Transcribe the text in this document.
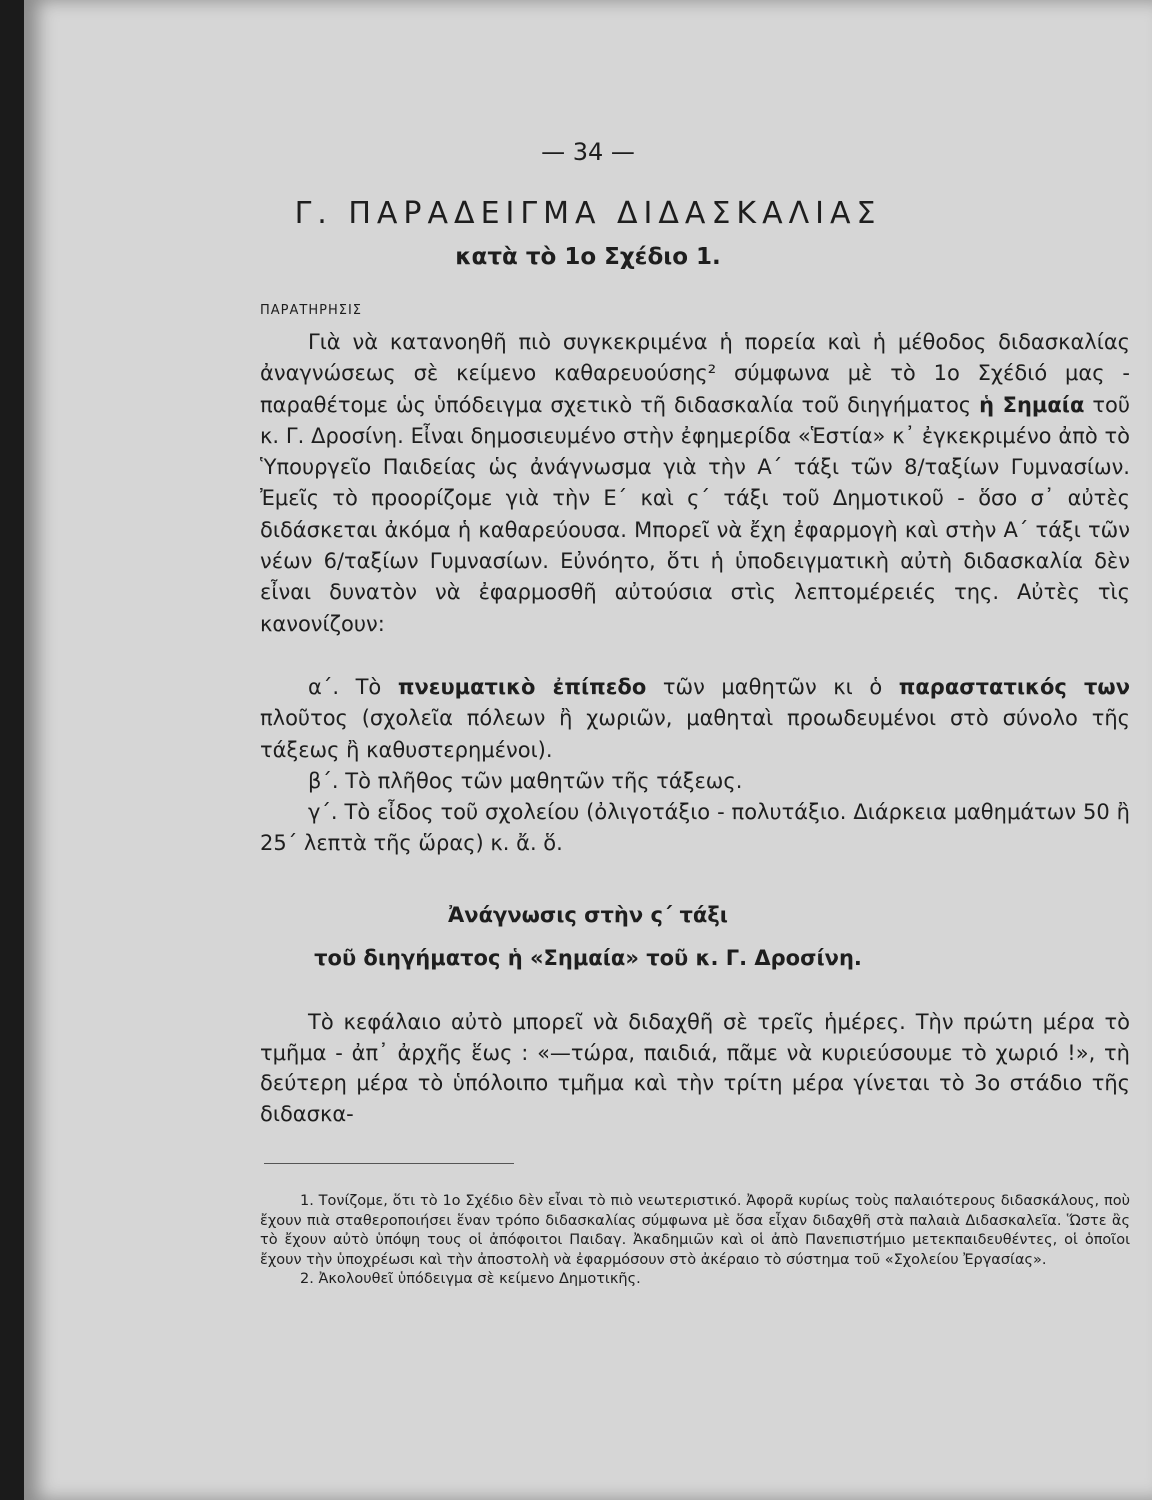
— 34 —
Γ. ΠΑΡΑΔΕΙΓΜΑ ΔΙΔΑΣΚΑΛΙΑΣ
κατὰ τὸ 1ο Σχέδιο 1.
ΠΑΡΑΤΗΡΗΣΙΣ

Γιὰ νὰ κατανοηθῆ πιὸ συγκεκριμένα ἡ πορεία καὶ ἡ μέθοδος διδασκαλίας ἀναγνώσεως σὲ κείμενο καθαρευούσης² σύμφωνα μὲ τὸ 1ο Σχέδιό μας - παραθέτομε ὡς ὑπόδειγμα σχετικὸ τῆ διδασκαλία τοῦ διηγήματος ἡ Σημαία τοῦ κ. Γ. Δροσίνη. Εἶναι δημοσιευμένο στὴν ἐφημερίδα «Ἑστία» κ᾿ ἐγκεκριμένο ἀπὸ τὸ Ὑπουργεῖο Παιδείας ὡς ἀνάγνωσμα γιὰ τὴν Α΄ τάξι τῶν 8/ταξίων Γυμνασίων. Ἐμεῖς τὸ προορίζομε γιὰ τὴν Ε΄ καὶ ς΄ τάξι τοῦ Δημοτικοῦ - ὅσο σ᾿ αὐτὲς διδάσκεται ἀκόμα ἡ καθαρεύουσα. Μπορεῖ νὰ ἔχη ἐφαρμογὴ καὶ στὴν Α΄ τάξι τῶν νέων 6/ταξίων Γυμνασίων. Εὐνόητο, ὅτι ἡ ὑποδειγματικὴ αὐτὴ διδασκαλία δὲν εἶναι δυνατὸν νὰ ἐφαρμοσθῆ αὐτούσια στὶς λεπτομέρειές της. Αὐτὲς τὶς κανονίζουν:

α΄. Τὸ πνευματικὸ ἐπίπεδο τῶν μαθητῶν κι ὁ παραστατικός των πλοῦτος (σχολεῖα πόλεων ἢ χωριῶν, μαθηταὶ προωδευμένοι στὸ σύνολο τῆς τάξεως ἢ καθυστερημένοι).

β΄. Τὸ πλῆθος τῶν μαθητῶν τῆς τάξεως.

γ΄. Τὸ εἶδος τοῦ σχολείου (ὀλιγοτάξιο - πολυτάξιο. Διάρκεια μαθημάτων 50 ἢ 25΄ λεπτὰ τῆς ὥρας) κ. ἄ. ὅ.

Ἀνάγνωσις στὴν ς΄ τάξι
τοῦ διηγήματος ἡ «Σημαία» τοῦ κ. Γ. Δροσίνη.

Τὸ κεφάλαιο αὐτὸ μπορεῖ νὰ διδαχθῆ σὲ τρεῖς ἡμέρες. Τὴν πρώτη μέρα τὸ τμῆμα - ἀπ᾿ ἀρχῆς ἕως : «—τώρα, παιδιά, πᾶμε νὰ κυριεύσουμε τὸ χωριό !», τὴ δεύτερη μέρα τὸ ὑπόλοιπο τμῆμα καὶ τὴν τρίτη μέρα γίνεται τὸ 3ο στάδιο τῆς διδασκα-

1. Τονίζομε, ὅτι τὸ 1ο Σχέδιο δὲν εἶναι τὸ πιὸ νεωτεριστικό. Ἀφορᾶ κυρίως τοὺς παλαιότερους διδασκάλους, ποὺ ἔχουν πιὰ σταθεροποιήσει ἕναν τρόπο διδασκαλίας σύμφωνα μὲ ὅσα εἶχαν διδαχθῆ στὰ παλαιὰ Διδασκαλεῖα. Ὥστε ἂς τὸ ἔχουν αὐτὸ ὑπόψη τους οἱ ἀπόφοιτοι Παιδαγ. Ἀκαδημιῶν καὶ οἱ ἀπὸ Πανεπιστήμιο μετεκπαιδευθέντες, οἱ ὁποῖοι ἔχουν τὴν ὑποχρέωσι καὶ τὴν ἀποστολὴ νὰ ἐφαρμόσουν στὸ ἀκέραιο τὸ σύστημα τοῦ «Σχολείου Ἐργασίας».

2. Ἀκολουθεῖ ὑπόδειγμα σὲ κείμενο Δημοτικῆς.
